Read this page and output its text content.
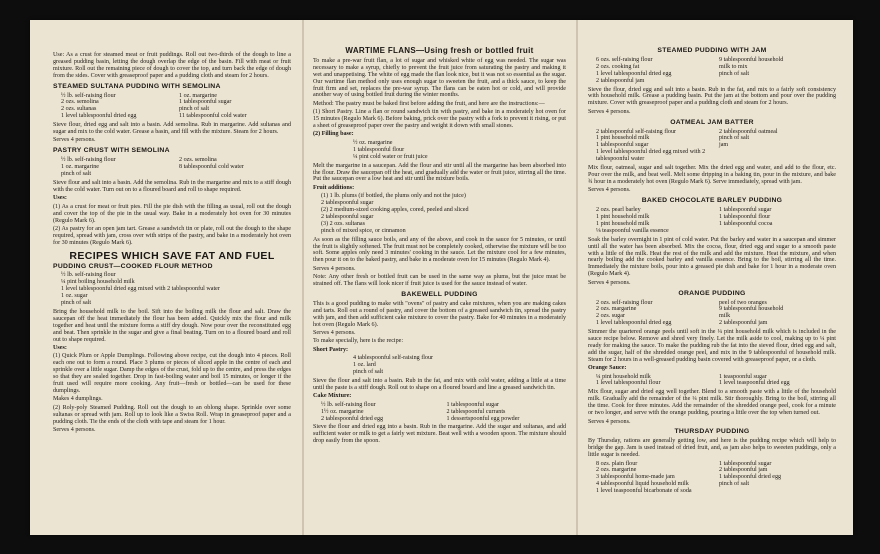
Use: As a crust for steamed meat or fruit puddings. Roll out two-thirds of the dough to line a greased pudding basin, letting the dough overlap the edge of the basin. Fill with meat or fruit mixture. Roll out the remaining piece of dough to cover the top, and turn back the edge of dough from the sides. Cover with greaseproof paper and a pudding cloth and steam for 2 hours.

STEAMED SULTANA PUDDING WITH SEMOLINA
½ lb. self-raising flour	1 oz. margarine
2 ozs. semolina	1 tablespoonful sugar
2 ozs. sultanas	pinch of salt
1 level tablespoonful dried egg	11 tablespoonful cold water

Sieve flour, dried egg and salt into a basin. Add semolina. Rub in margarine. Add sultanas and sugar and mix to the cold water. Grease a basin, and fill with the mixture. Steam for 2 hours.

Serves 4 persons.

PASTRY CRUST WITH SEMOLINA
½ lb. self-raising flour	2 ozs. semolina
1 oz. margarine	8 tablespoonful cold water
pinch of salt

Sieve flour and salt into a basin. Add the semolina. Rub in the margarine and mix to a stiff dough with the cold water. Turn out on to a floured board and roll to shape required.

Uses:

(1) As a crust for meat or fruit pies. Fill the pie dish with the filling as usual, roll out the dough and cover the top of the pie in the usual way. Bake in a moderately hot oven for 30 minutes (Regulo Mark 6).

(2) As pastry for an open jam tart. Grease a sandwich tin or plate, roll out the dough to the shape required, spread with jam, cross over with strips of the pastry, and bake in a moderately hot oven for 30 minutes (Regulo Mark 6).

RECIPES WHICH SAVE FAT AND FUEL
PUDDING CRUST—COOKED FLOUR METHOD
½ lb. self-raising flour
¼ pint boiling household milk
1 level tablespoonful dried egg mixed with 2 tablespoonful water
1 oz. sugar
pinch of salt

Bring the household milk to the boil. Sift into the boiling milk the flour and salt. Draw the saucepan off the heat immediately the flour has been added. Quickly mix the flour and milk together and heat until the mixture forms a stiff dry dough. Now pour over the reconstituted egg and beat. Then sprinkle in the sugar and give a final beating. Turn on to a floured board and roll out to shape required.

Uses:

(1) Quick Plum or Apple Dumplings. Following above recipe, cut the dough into 4 pieces. Roll each one out to form a round. Place 3 plums or pieces of sliced apple in the centre of each and sprinkle over a little sugar. Damp the edges of the crust, fold up to the centre, and press the edges so that they are sealed together. Drop in fast-boiling water and boil 15 minutes, or longer if the fruit used will require more cooking. Any fruit—fresh or bottled—can be used for these dumplings.

Makes 4 dumplings.

(2) Roly-poly Steamed Pudding. Roll out the dough to an oblong shape. Sprinkle over some sultanas or spread with jam. Roll up to look like a Swiss Roll. Wrap in greaseproof paper and a pudding cloth. Tie the ends of the cloth with tape and steam for 1 hour.

Serves 4 persons.

WARTIME FLANS—Using fresh or bottled fruit

To make a pre-war fruit flan, a lot of sugar and whisked white of egg was needed. The sugar was necessary to make a syrup, chiefly to prevent the fruit juice from saturating the pastry and making it wet and unappetising. The white of egg made the flan look nice, but it was not so essential as the sugar. Our wartime flan method only uses enough sugar to sweeten the fruit, and a thick sauce, to keep the fruit firm and set, replaces the pre-war syrup. The flans can be eaten hot or cold, and will provide another way of using bottled fruit during the winter months.

Method: The pastry must be baked first before adding the fruit, and here are the instructions:—

(1) Short Pastry. Line a flan or round sandwich tin with pastry, and bake in a moderately hot oven for 15 minutes (Regulo Mark 6). Before baking, prick over the pastry with a fork to prevent it rising, or put a sheet of greaseproof paper over the pastry and weight it down with small stones.

(2) Filling base:

½ oz. margarine
1 tablespoonful flour
¼ pint cold water or fruit juice

Melt the margarine in a saucepan. Add the flour and stir until all the margarine has been absorbed into the flour. Draw the saucepan off the heat, and gradually add the water or fruit juice, stirring all the time. Put the saucepan over a low heat and stir until the mixture boils.

Fruit additions:

(1) 1 lb. plums (if bottled, the plums only and not the juice)
2 tablespoonful sugar
(2) 2 medium-sized cooking apples, cored, peeled and sliced
2 tablespoonful sugar
(3) 2 ozs. sultanas
pinch of mixed spice, or cinnamon

As soon as the filling sauce boils, and any of the above, and cook in the sauce for 5 minutes, or until the fruit is slightly softened. The fruit must not be completely cooked, otherwise the mixture will be too soft. Some apples only need 3 minutes' cooking in the sauce. Let the mixture cool for a few minutes, then pour it on to the baked pastry, and bake in a moderate oven for 15 minutes (Regulo Mark 4).

Serves 4 persons.

Note: Any other fresh or bottled fruit can be used in the same way as plums, but the juice must be strained off. The flans will look nicer if fruit juice is used for the sauce instead of water.

BAKEWELL PUDDING

This is a good pudding to make with "ovens" of pastry and cake mixtures, when you are making cakes and tarts. Roll out a round of pastry, and cover the bottom of a greased sandwich tin, spread the pastry with jam, and then add sufficient cake mixture to cover the pastry. Bake for 40 minutes in a moderately hot oven (Regulo Mark 6).

Serves 4 persons.

To make specially, here is the recipe:

Short Pastry:

4 tablespoonful self-raising flour
1 oz. lard
pinch of salt

Sieve the flour and salt into a basin. Rub in the fat, and mix with cold water, adding a little at a time until the paste is a stiff dough. Roll out to shape on a floured board and line a greased sandwich tin.

Cake Mixture:

½ lb. self-raising flour	1 tablespoonful sugar
1½ oz. margarine	2 tablespoonful currants
2 tablespoonful dried egg	1 dessertspoonful egg powder

Sieve the flour and dried egg into a basin. Rub in the margarine. Add the sugar and sultanas, and add sufficient water or milk to get a fairly wet mixture. Beat well with a wooden spoon. The mixture should drop easily from the spoon.

STEAMED PUDDING WITH JAM
6 ozs. self-raising flour	9 tablespoonful household
2 ozs. cooking fat	milk to mix
1 level tablespoonful dried egg	pinch of salt
2 tablespoonful jam

Sieve the flour, dried egg and salt into a basin. Rub in the fat, and mix to a fairly soft consistency with household milk. Grease a pudding basin. Put the jam at the bottom and pour over the pudding mixture. Cover with greaseproof paper and a pudding cloth and steam for 2 hours.

Serves 4 persons.

OATMEAL JAM BATTER
2 tablespoonful self-raising flour	2 tablespoonful oatmeal
1 pint household milk	pinch of salt
1 tablespoonful sugar	jam
1 level tablespoonful dried egg mixed with 2 tablespoonful water

Mix flour, oatmeal, sugar and salt together. Mix the dried egg and water, and add to the flour, etc. Pour over the milk, and beat well. Melt some dripping in a baking tin, pour in the mixture, and bake ¾ hour in a moderately hot oven (Regulo Mark 6). Serve immediately, spread with jam.

Serves 4 persons.

BAKED CHOCOLATE BARLEY PUDDING
2 ozs. pearl barley	1 tablespoonful sugar
1 pint household milk	1 tablespoonful flour
1 pint household milk	1 tablespoonful cocoa
⅛ teaspoonful vanilla essence

Soak the barley overnight in 1 pint of cold water. Put the barley and water in a saucepan and simmer until all the water has been absorbed. Mix the cocoa, flour, dried egg and sugar to a smooth paste with a little of the milk. Heat the rest of the milk and add the mixture. Heat the mixture, and when nearly boiling add the cooked barley and vanilla essence. Bring to the boil, stirring all the time. Immediately the mixture boils, pour into a greased pie dish and bake for 1 hour in a moderate oven (Regulo Mark 4).

Serves 4 persons.

ORANGE PUDDING
2 ozs. self-raising flour	peel of two oranges
2 ozs. margarine	9 tablespoonful household
2 ozs. sugar	milk
1 level tablespoonful dried egg	2 tablespoonful jam

Simmer the quartered orange peels until soft in the ¼ pint household milk which is included in the sauce recipe below. Remove and shred very finely. Let the milk aside to cool, making up to ¼ pint ready for making the sauce. To make the pudding rub the fat into the sieved flour, dried egg and salt, add the sugar, half of the shredded orange peel, and mix in the 9 tablespoonful of household milk. Steam for 2 hours in a well-greased pudding basin covered with greaseproof paper, or a cloth.

Orange Sauce:

¼ pint household milk	1 teaspoonful sugar
1 level tablespoonful flour	1 level teaspoonful dried egg

Mix flour, sugar and dried egg well together. Blend to a smooth paste with a little of the household milk. Gradually add the remainder of the ¼ pint milk. Stir thoroughly. Bring to the boil, stirring all the time. Cook for three minutes. Add the remainder of the shredded orange peel, cook for a minute or two longer, and serve with the orange pudding, pouring a little over the top when turned out.

Serves 4 persons.

THURSDAY PUDDING

By Thursday, rations are generally getting low, and here is the pudding recipe which will help to bridge the gap. Jam is used instead of dried fruit, and, as jam also helps to sweeten puddings, only a little sugar is needed.

8 ozs. plain flour	1 tablespoonful sugar
2 ozs. margarine	2 tablespoonful jam
3 tablespoonful home-made jam	1 tablespoonful dried egg
4 tablespoonful liquid household milk	pinch of salt
1 level teaspoonful bicarbonate of soda
